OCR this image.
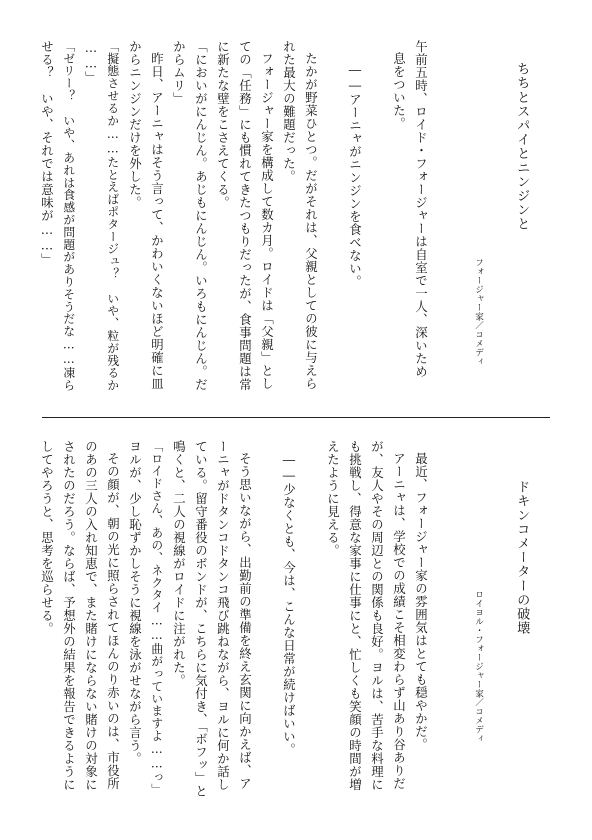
ちちとスパイとニンジンと
フォージャー家／コメディ
午前五時、ロイド・フォージャーは自室で一人、深いため
息をついた。
――アーニャがニンジンを食べない。
たかが野菜ひとつ。だがそれは、父親としての彼に与えら
れた最大の難題だった。
フォージャー家を構成して数カ月。ロイドは「父親」とし
ての「任務」にも慣れてきたつもりだったが、食事問題は常
に新たな壁をこさえてくる。
「においがにんじん。あじもにんじん。いろもにんじん。だ
からムリ」
昨日、アーニャはそう言って、かわいくないほど明確に皿
からニンジンだけを外した。
「擬態させるか……たとえばポタージュ？　いや、粒が残るか
……」
「ゼリー？　いや、あれは食感が問題がありそうだな……凍ら
せる？　いや、それでは意味が……」
ドキンコメーターの破壊
ロイヨル・フォージャー家／コメディ
最近、フォージャー家の雰囲気はとても穏やかだ。
アーニャは、学校での成績こそ相変わらず山あり谷ありだ
が、友人やその周辺との関係も良好。ヨルは、苦手な料理に
も挑戦し、得意な家事に仕事にと、忙しくも笑顔の時間が増
えたように見える。
――少なくとも、今は、こんな日常が続けばいい。
そう思いながら、出勤前の準備を終え玄関に向かえば、ア
ーニャがドタンコドタンコ飛び跳ねながら、ヨルに何か話し
ている。留守番役のボンドが、こちらに気付き、「ボフッ」と
鳴くと、二人の視線がロイドに注がれた。
「ロイドさん、あの、ネクタイ……曲がっていますよ……っ」
ヨルが、少し恥ずかしそうに視線を泳がせながら言う。
その顔が、朝の光に照らされてほんのり赤いのは、市役所
のあの三人の入れ知恵で、また賭けにならない賭けの対象に
されたのだろう。ならば、予想外の結果を報告できるように
してやろうと、思考を巡らせる。
